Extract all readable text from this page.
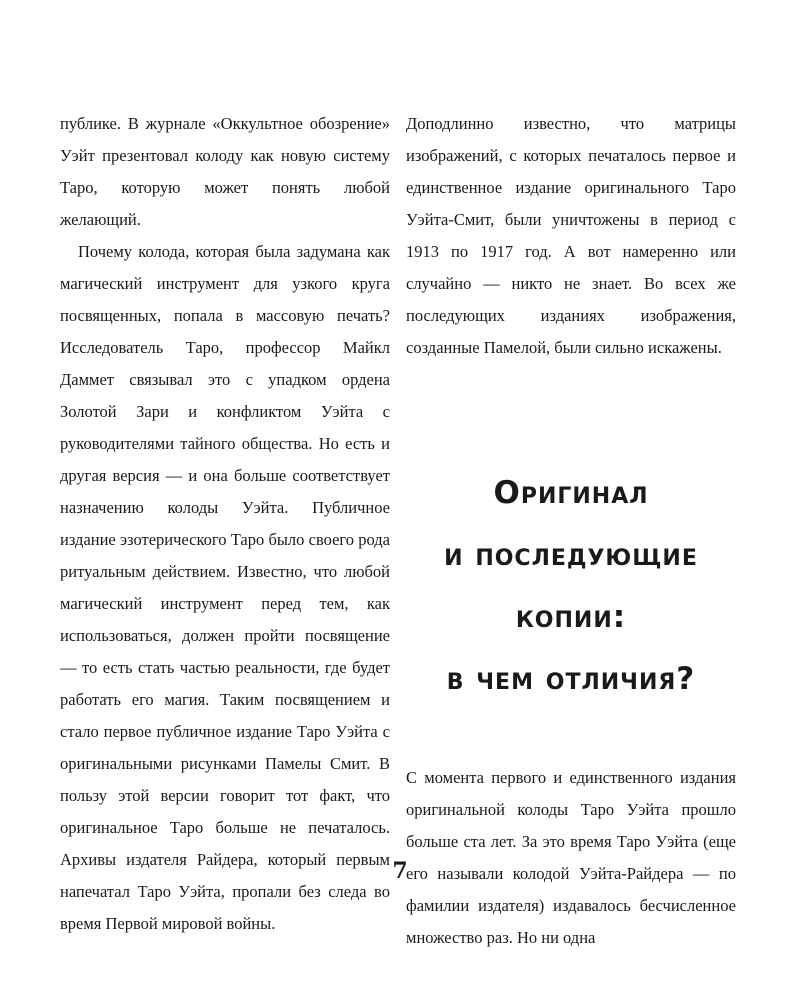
публике. В журнале «Оккультное обозрение» Уэйт презентовал колоду как новую систему Таро, которую может понять любой желающий.

Почему колода, которая была задумана как магический инструмент для узкого круга посвященных, попала в массовую печать? Исследователь Таро, профессор Майкл Даммет связывал это с упадком ордена Золотой Зари и конфликтом Уэйта с руководителями тайного общества. Но есть и другая версия — и она больше соответствует назначению колоды Уэйта. Публичное издание эзотерического Таро было своего рода ритуальным действием. Известно, что любой магический инструмент перед тем, как использоваться, должен пройти посвящение — то есть стать частью реальности, где будет работать его магия. Таким посвящением и стало первое публичное издание Таро Уэйта с оригинальными рисунками Памелы Смит. В пользу этой версии говорит тот факт, что оригинальное Таро больше не печаталось. Архивы издателя Райдера, который первым напечатал Таро Уэйта, пропали без следа во время Первой мировой войны.

Доподлинно известно, что матрицы изображений, с которых печаталось первое и единственное издание оригинального Таро Уэйта-Смит, были уничтожены в период с 1913 по 1917 год. А вот намеренно или случайно — никто не знает. Во всех же последующих изданиях изображения, созданные Памелой, были сильно искажены.

Оригинал
и последующие копии:
в чем отличия?

С момента первого и единственного издания оригинальной колоды Таро Уэйта прошло больше ста лет. За это время Таро Уэйта (еще его называли колодой Уэйта-Райдера — по фамилии издателя) издавалось бесчисленное множество раз. Но ни одна

7
